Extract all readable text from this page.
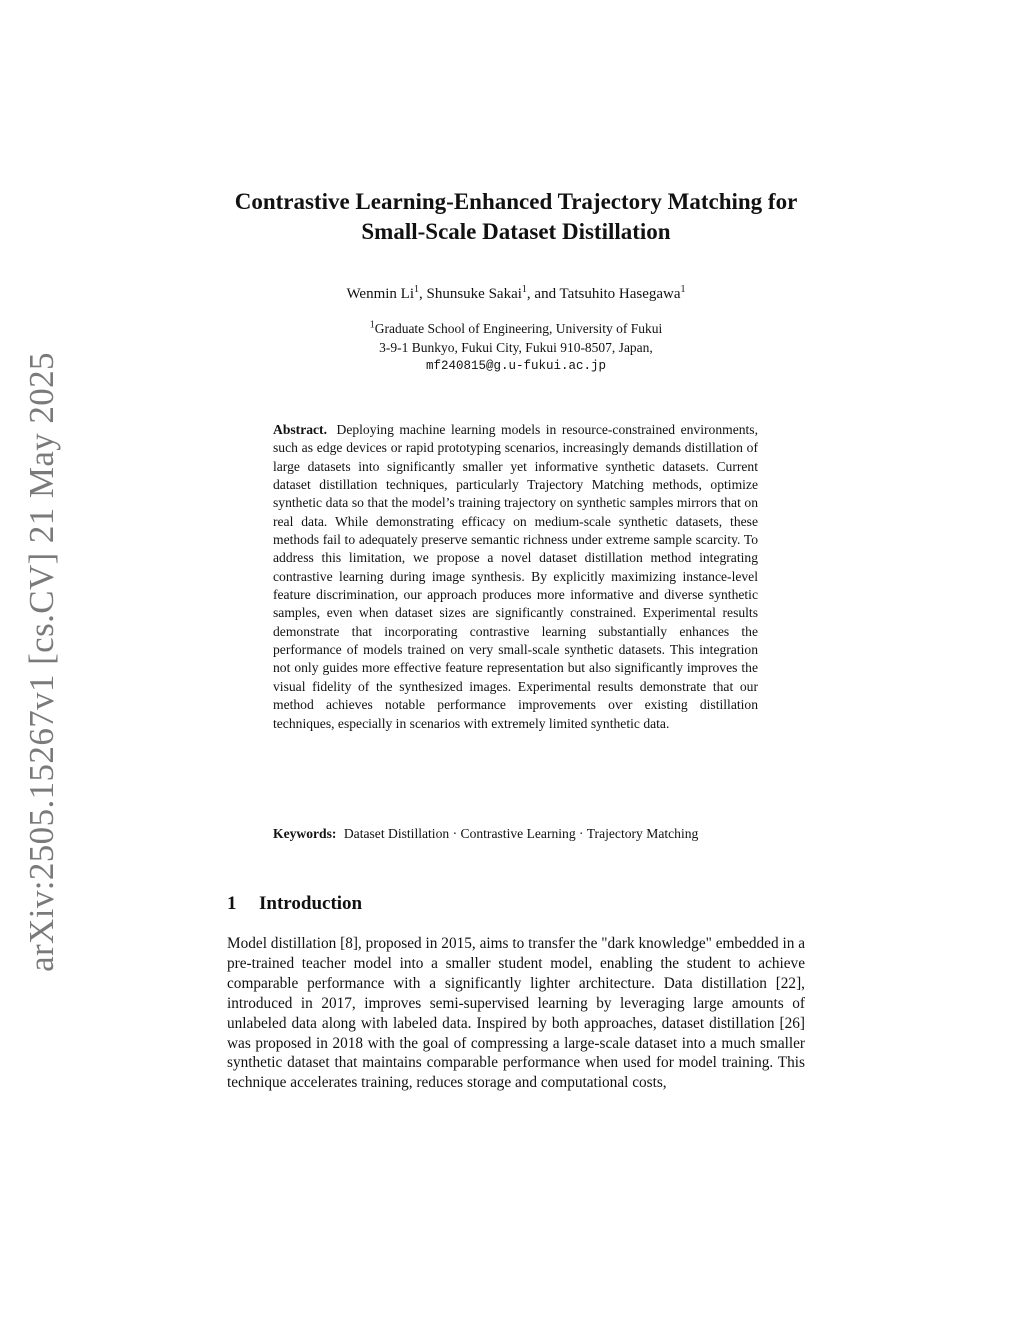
arXiv:2505.15267v1 [cs.CV] 21 May 2025
Contrastive Learning-Enhanced Trajectory Matching for Small-Scale Dataset Distillation
Wenmin Li$^1$, Shunsuke Sakai$^1$, and Tatsuhito Hasegawa$^1$
$^1$Graduate School of Engineering, University of Fukui
3-9-1 Bunkyo, Fukui City, Fukui 910-8507, Japan,
mf240815@g.u-fukui.ac.jp
Abstract. Deploying machine learning models in resource-constrained environments, such as edge devices or rapid prototyping scenarios, increasingly demands distillation of large datasets into significantly smaller yet informative synthetic datasets. Current dataset distillation techniques, particularly Trajectory Matching methods, optimize synthetic data so that the model’s training trajectory on synthetic samples mirrors that on real data. While demonstrating efficacy on medium-scale synthetic datasets, these methods fail to adequately preserve semantic richness under extreme sample scarcity. To address this limitation, we propose a novel dataset distillation method integrating contrastive learning during image synthesis. By explicitly maximizing instance-level feature discrimination, our approach produces more informative and diverse synthetic samples, even when dataset sizes are significantly constrained. Experimental results demonstrate that incorporating contrastive learning substantially enhances the performance of models trained on very small-scale synthetic datasets. This integration not only guides more effective feature representation but also significantly improves the visual fidelity of the synthesized images. Experimental results demonstrate that our method achieves notable performance improvements over existing distillation techniques, especially in scenarios with extremely limited synthetic data.
Keywords: Dataset Distillation · Contrastive Learning · Trajectory Matching
1 Introduction
Model distillation [8], proposed in 2015, aims to transfer the "dark knowledge" embedded in a pre-trained teacher model into a smaller student model, enabling the student to achieve comparable performance with a significantly lighter architecture. Data distillation [22], introduced in 2017, improves semi-supervised learning by leveraging large amounts of unlabeled data along with labeled data. Inspired by both approaches, dataset distillation [26] was proposed in 2018 with the goal of compressing a large-scale dataset into a much smaller synthetic dataset that maintains comparable performance when used for model training. This technique accelerates training, reduces storage and computational costs,
